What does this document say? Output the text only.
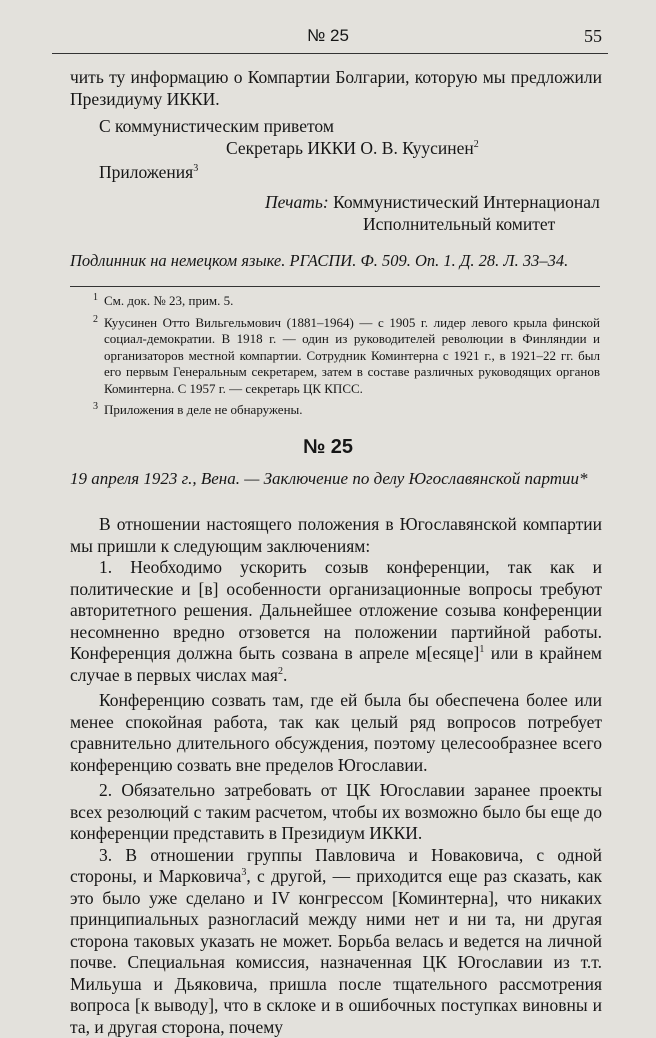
№ 25	55
чить ту информацию о Компартии Болгарии, которую мы предложили
Президиуму ИККИ.
С коммунистическим приветом
Секретарь ИККИ О. В. Куусинен$^2$
Приложения$^3$
Печать: Коммунистический Интернационал
Исполнительный комитет
Подлинник на немецком языке. РГАСПИ. Ф. 509. Оп. 1. Д. 28. Л. 33–34.
1 См. док. № 23, прим. 5.
2 Куусинен Отто Вильгельмович (1881–1964) — с 1905 г. лидер левого крыла финской социал-демократии. В 1918 г. — один из руководителей революции в Финляндии и организаторов местной компартии. Сотрудник Коминтерна с 1921 г., в 1921–22 гг. был его первым Генеральным секретарем, затем в составе различных руководящих органов Коминтерна. С 1957 г. — секретарь ЦК КПСС.
3 Приложения в деле не обнаружены.
№ 25
19 апреля 1923 г., Вена. — Заключение по делу Югославянской партии*

В отношении настоящего положения в Югославянской компартии мы пришли к следующим заключениям:

1. Необходимо ускорить созыв конференции, так как и политические и [в] особенности организационные вопросы требуют авторитетного решения. Дальнейшее отложение созыва конференции несомненно вредно отзовется на положении партийной работы. Конференция должна быть созвана в апреле м[есяце]$^1$ или в крайнем случае в первых числах мая$^2$.

Конференцию созвать там, где ей была бы обеспечена более или менее спокойная работа, так как целый ряд вопросов потребует сравнительно длительного обсуждения, поэтому целесообразнее всего конференцию созвать вне пределов Югославии.

2. Обязательно затребовать от ЦК Югославии заранее проекты всех резолюций с таким расчетом, чтобы их возможно было бы еще до конференции представить в Президиум ИККИ.

3. В отношении группы Павловича и Новаковича, с одной стороны, и Марковича$^3$, с другой, — приходится еще раз сказать, как это было уже сделано и IV конгрессом [Коминтерна], что никаких принципиальных разногласий между ними нет и ни та, ни другая сторона таковых указать не может. Борьба велась и ведется на личной почве. Специальная комиссия, назначенная ЦК Югославии из т.т. Мильуша и Дьяковича, пришла после тщательного рассмотрения вопроса [к выводу], что в склоке и в ошибочных поступках виновны и та, и другая сторона, почему
